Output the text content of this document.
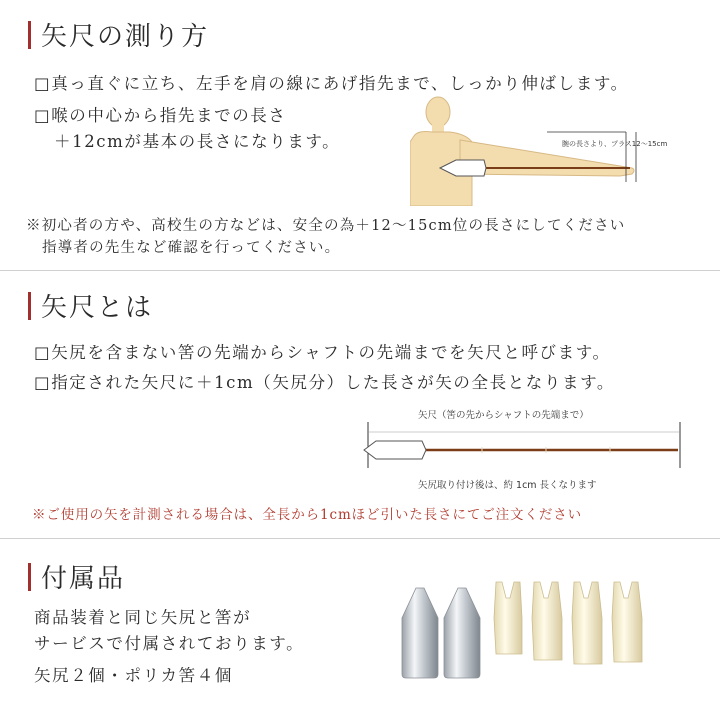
矢尺の測り方
□真っ直ぐに立ち、左手を肩の線にあげ指先まで、しっかり伸ばします。
□喉の中心から指先までの長さ
＋12cmが基本の長さになります。	腕の長さより、プラス12～15cm
※初心者の方や、高校生の方などは、安全の為＋12～15cm位の長さにしてください
指導者の先生など確認を行ってください。
矢尺とは
□矢尻を含まない筈の先端からシャフトの先端までを矢尺と呼びます。
□指定された矢尺に＋1cm（矢尻分）した長さが矢の全長となります。
矢尺（筈の先からシャフトの先端まで）
矢尻取り付け後は、約 1cm 長くなります
※ご使用の矢を計測される場合は、全長から1cmほど引いた長さにてご注文ください
付属品
商品装着と同じ矢尻と筈が
サービスで付属されております。
矢尻２個・ポリカ筈４個
